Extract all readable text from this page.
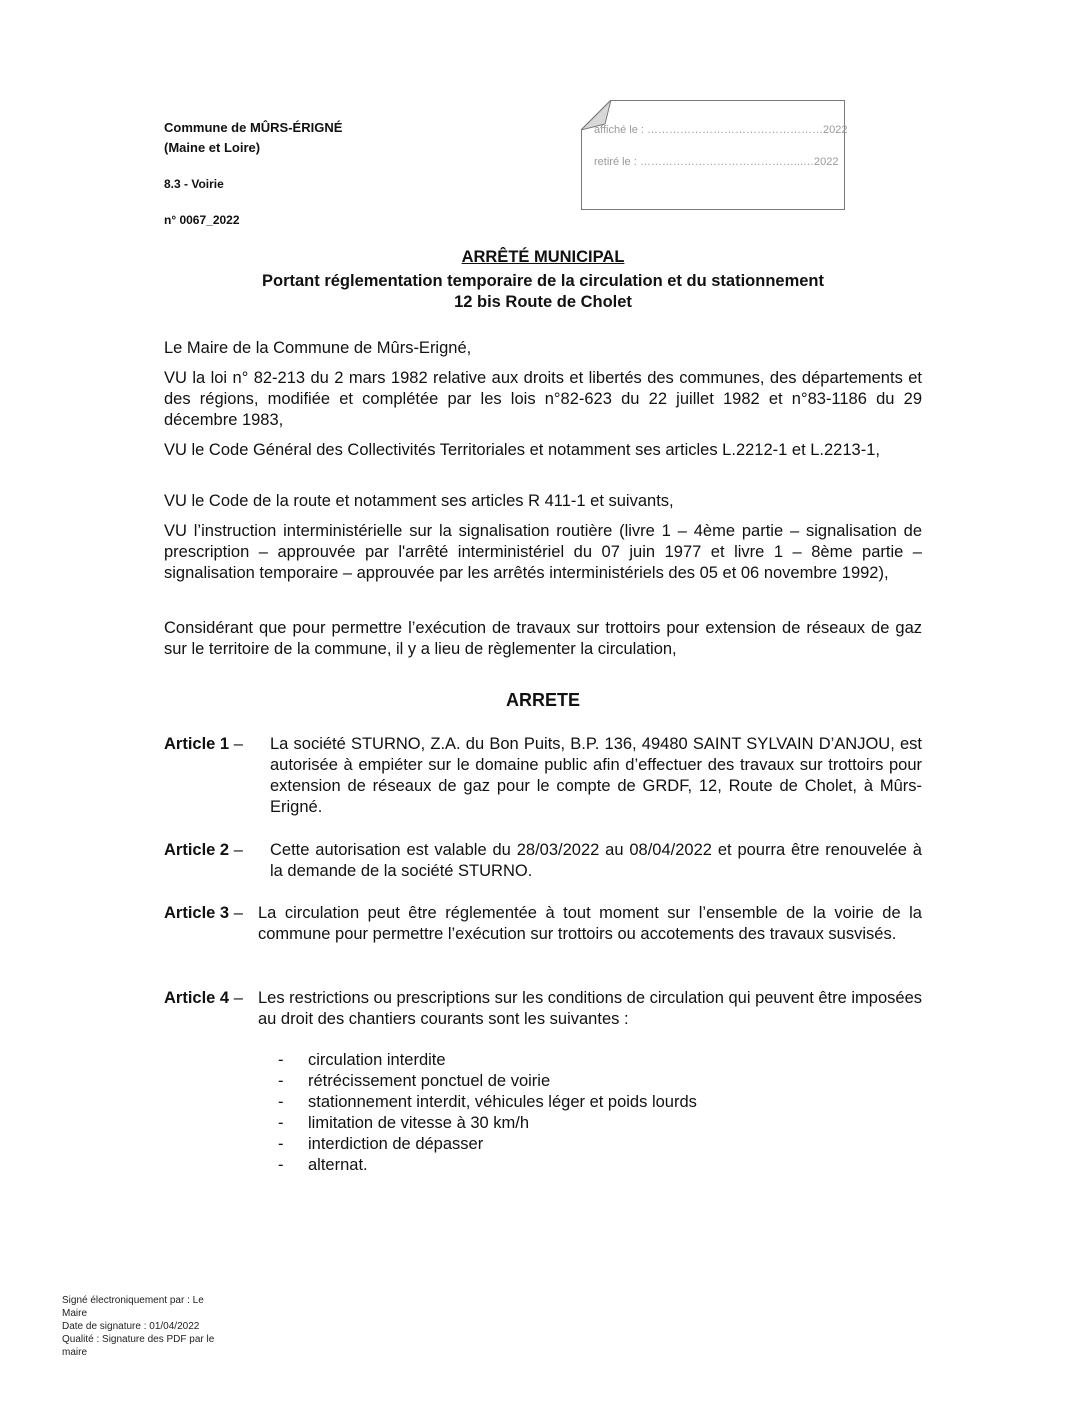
Commune de MÛRS-ÉRIGNÉ
(Maine et Loire)
8.3 - Voirie
n° 0067_2022
affiché le : …………………………………………2022
retiré le : ……………………………………...…2022
ARRÊTÉ MUNICIPAL
Portant réglementation temporaire de la circulation et du stationnement
12 bis Route de Cholet

Le Maire de la Commune de Mûrs-Erigné,

VU la loi n° 82-213 du 2 mars 1982 relative aux droits et libertés des communes, des départements et des régions, modifiée et complétée par les lois n°82-623 du 22 juillet 1982 et n°83-1186 du 29 décembre 1983,

VU le Code Général des Collectivités Territoriales et notamment ses articles L.2212-1 et L.2213-1,

VU le Code de la route et notamment ses articles R 411-1 et suivants,

VU l’instruction interministérielle sur la signalisation routière (livre 1 – 4ème partie – signalisation de prescription – approuvée par l'arrêté interministériel du 07 juin 1977 et livre 1 – 8ème partie – signalisation temporaire – approuvée par les arrêtés interministériels des 05 et 06 novembre 1992),

Considérant que pour permettre l’exécution de travaux sur trottoirs pour extension de réseaux de gaz sur le territoire de la commune, il y a lieu de règlementer la circulation,

ARRETE
Article 1 –	La société STURNO, Z.A. du Bon Puits, B.P. 136, 49480 SAINT SYLVAIN D’ANJOU, est autorisée à empiéter sur le domaine public afin d’effectuer des travaux sur trottoirs pour extension de réseaux de gaz pour le compte de GRDF, 12, Route de Cholet, à Mûrs-Erigné.
Article 2 –	Cette autorisation est valable du 28/03/2022 au 08/04/2022 et pourra être renouvelée à la demande de la société STURNO.
Article 3 – La circulation peut être réglementée à tout moment sur l’ensemble de la voirie de la commune pour permettre l’exécution sur trottoirs ou accotements des travaux susvisés.
Article 4 – Les restrictions ou prescriptions sur les conditions de circulation qui peuvent être imposées au droit des chantiers courants sont les suivantes :
- circulation interdite
- rétrécissement ponctuel de voirie
- stationnement interdit, véhicules léger et poids lourds
- limitation de vitesse à 30 km/h
- interdiction de dépasser
- alternat.
Signé électroniquement par : Le
Maire
Date de signature : 01/04/2022
Qualité : Signature des PDF par le
maire
